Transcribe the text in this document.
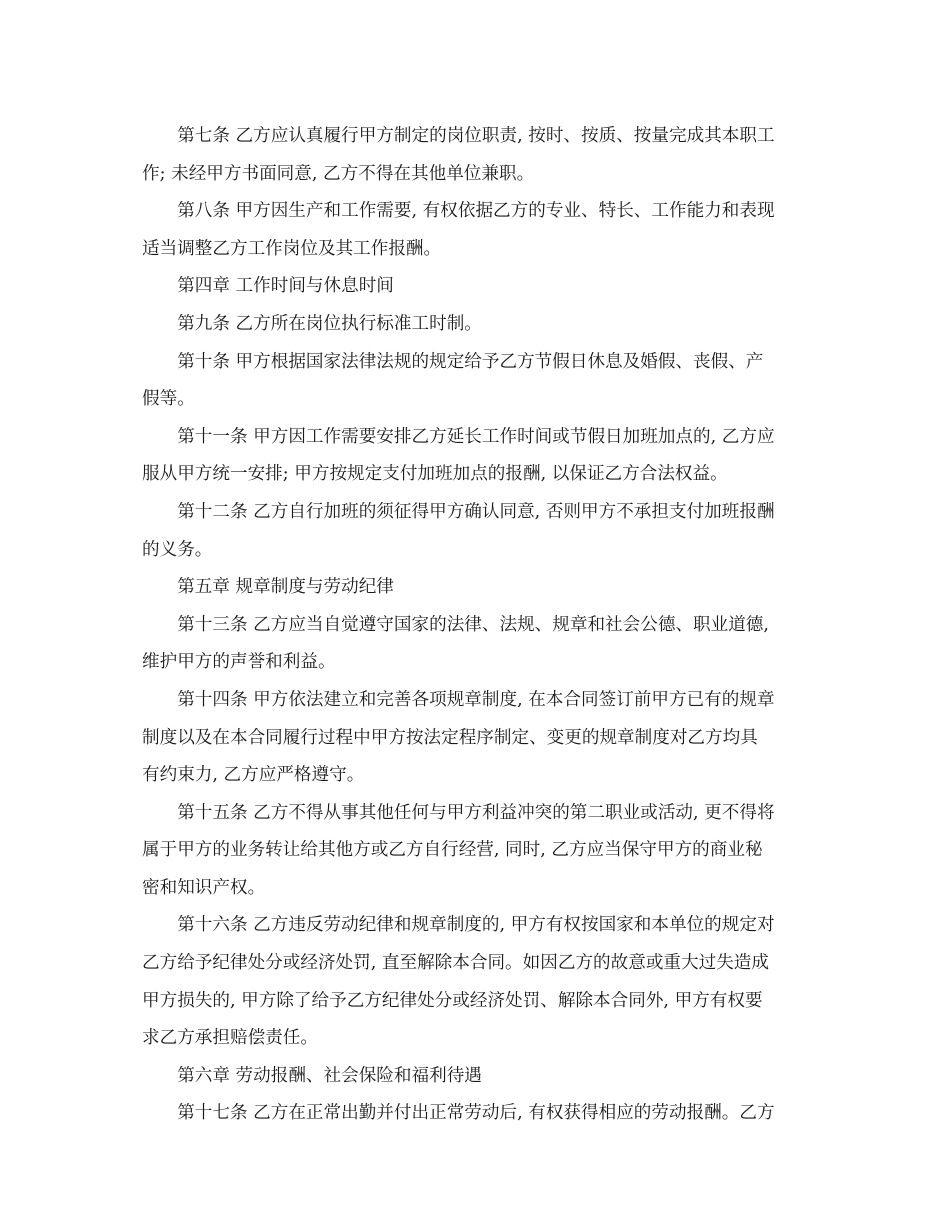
第七条 乙方应认真履行甲方制定的岗位职责, 按时、按质、按量完成其本职工
作; 未经甲方书面同意, 乙方不得在其他单位兼职。

第八条 甲方因生产和工作需要, 有权依据乙方的专业、特长、工作能力和表现
适当调整乙方工作岗位及其工作报酬。

第四章 工作时间与休息时间

第九条 乙方所在岗位执行标准工时制。

第十条 甲方根据国家法律法规的规定给予乙方节假日休息及婚假、丧假、产
假等。

第十一条 甲方因工作需要安排乙方延长工作时间或节假日加班加点的, 乙方应
服从甲方统一安排; 甲方按规定支付加班加点的报酬, 以保证乙方合法权益。

第十二条 乙方自行加班的须征得甲方确认同意, 否则甲方不承担支付加班报酬
的义务。

第五章 规章制度与劳动纪律

第十三条 乙方应当自觉遵守国家的法律、法规、规章和社会公德、职业道德,
维护甲方的声誉和利益。

第十四条 甲方依法建立和完善各项规章制度, 在本合同签订前甲方已有的规章
制度以及在本合同履行过程中甲方按法定程序制定、变更的规章制度对乙方均具
有约束力, 乙方应严格遵守。

第十五条 乙方不得从事其他任何与甲方利益冲突的第二职业或活动, 更不得将
属于甲方的业务转让给其他方或乙方自行经营, 同时, 乙方应当保守甲方的商业秘
密和知识产权。

第十六条 乙方违反劳动纪律和规章制度的, 甲方有权按国家和本单位的规定对
乙方给予纪律处分或经济处罚, 直至解除本合同。如因乙方的故意或重大过失造成
甲方损失的, 甲方除了给予乙方纪律处分或经济处罚、解除本合同外, 甲方有权要
求乙方承担赔偿责任。

第六章 劳动报酬、社会保险和福利待遇

第十七条 乙方在正常出勤并付出正常劳动后, 有权获得相应的劳动报酬。乙方
